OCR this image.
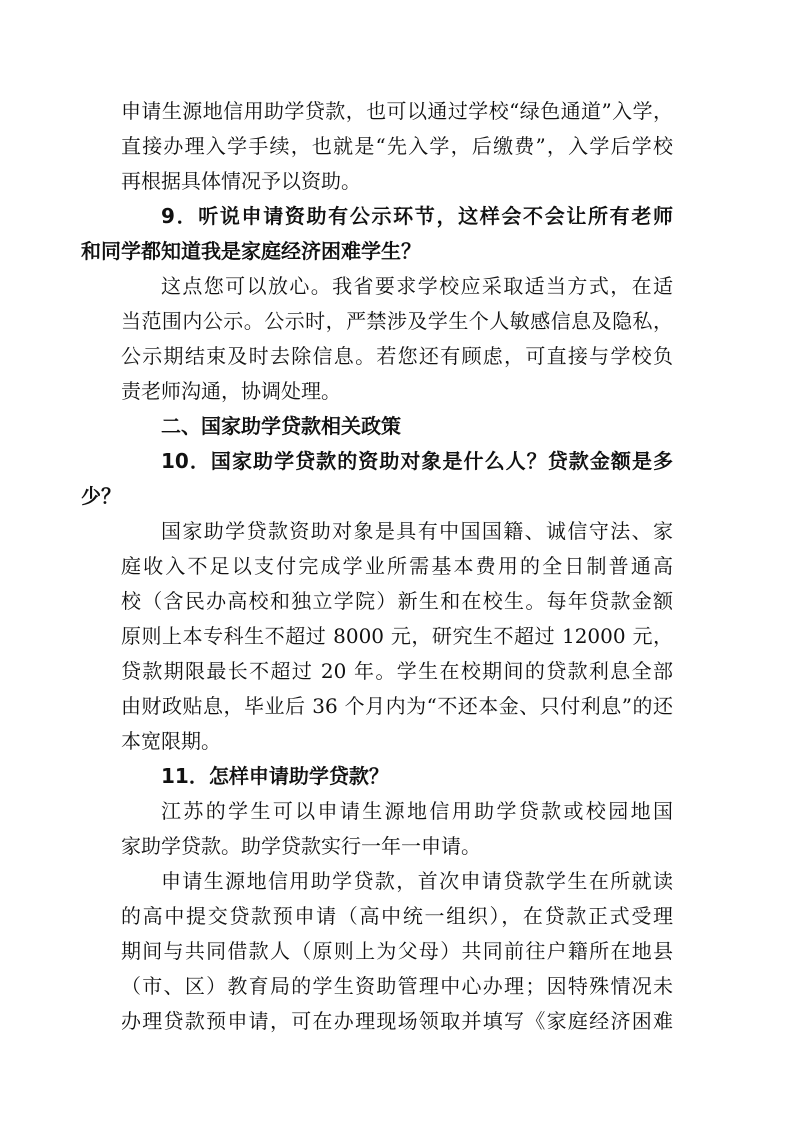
申请生源地信用助学贷款，也可以通过学校“绿色通道”入学，
直接办理入学手续，也就是“先入学，后缴费”，入学后学校
再根据具体情况予以资助。
9．听说申请资助有公示环节，这样会不会让所有老师
和同学都知道我是家庭经济困难学生？
这点您可以放心。我省要求学校应采取适当方式，在适
当范围内公示。公示时，严禁涉及学生个人敏感信息及隐私，
公示期结束及时去除信息。若您还有顾虑，可直接与学校负
责老师沟通，协调处理。
二、国家助学贷款相关政策
10．国家助学贷款的资助对象是什么人？贷款金额是多
少？
国家助学贷款资助对象是具有中国国籍、诚信守法、家
庭收入不足以支付完成学业所需基本费用的全日制普通高
校（含民办高校和独立学院）新生和在校生。每年贷款金额
原则上本专科生不超过 8000 元，研究生不超过 12000 元，
贷款期限最长不超过 20 年。学生在校期间的贷款利息全部
由财政贴息，毕业后 36 个月内为“不还本金、只付利息”的还
本宽限期。
11．怎样申请助学贷款？
江苏的学生可以申请生源地信用助学贷款或校园地国
家助学贷款。助学贷款实行一年一申请。
申请生源地信用助学贷款，首次申请贷款学生在所就读
的高中提交贷款预申请（高中统一组织），在贷款正式受理
期间与共同借款人（原则上为父母）共同前往户籍所在地县
（市、区）教育局的学生资助管理中心办理；因特殊情况未
办理贷款预申请，可在办理现场领取并填写《家庭经济困难
